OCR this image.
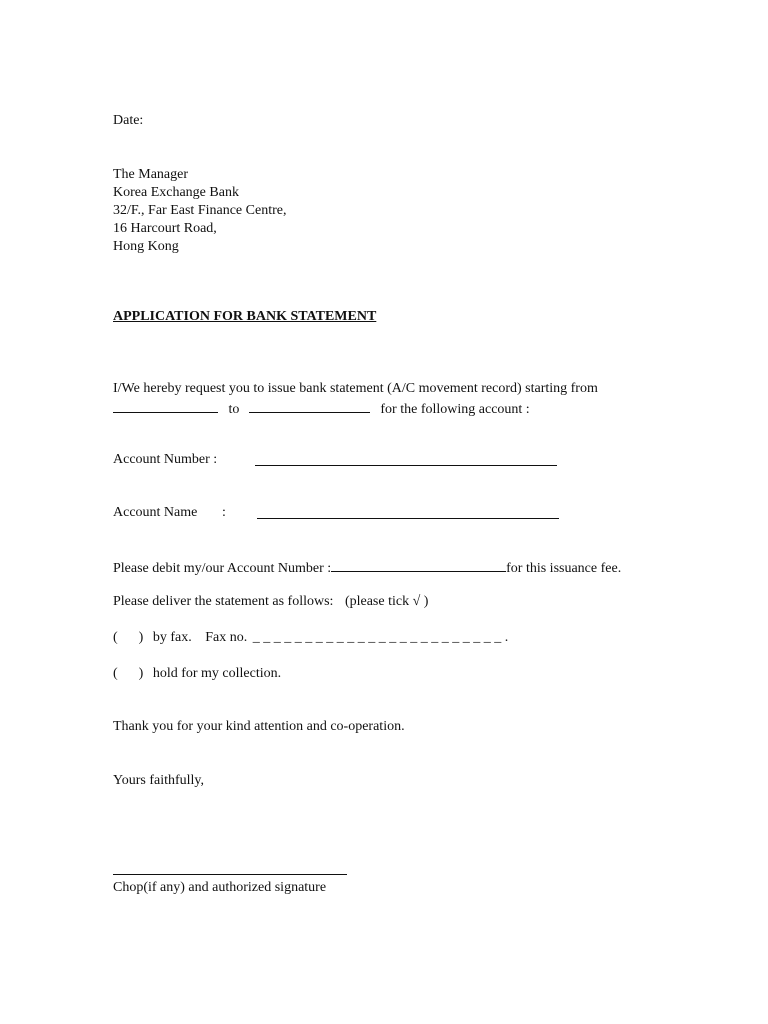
Date:
The Manager
Korea Exchange Bank
32/F., Far East Finance Centre,
16 Harcourt Road,
Hong Kong
APPLICATION FOR BANK STATEMENT
I/We hereby request you to issue bank statement (A/C movement record) starting from
to	for the following account :
Account Number :
Account Name :
Please debit my/our Account Number :	for this issuance fee.
Please deliver the statement as follows: (please tick √ )
(      ) by fax. Fax no. _ _ _ _ _ _ _ _ _ _ _ _ _ _ _ _ _ _ _ _ _ _ _ _ .
(      ) hold for my collection.
Thank you for your kind attention and co-operation.
Yours faithfully,
Chop(if any) and authorized signature
